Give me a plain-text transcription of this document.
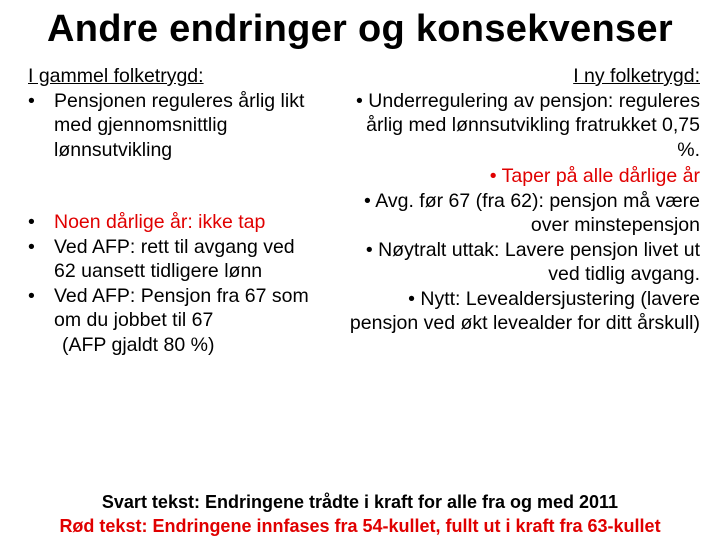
Andre endringer og konsekvenser
I gammel folketrygd:
• Pensjonen reguleres årlig likt med gjennomsnittlig lønnsutvikling
• Noen dårlige år: ikke tap
• Ved AFP: rett til avgang ved 62 uansett tidligere lønn
• Ved AFP: Pensjon fra 67 som om du jobbet til 67
(AFP gjaldt 80 %)
I ny folketrygd:
• Underregulering av pensjon: reguleres årlig med lønnsutvikling fratrukket 0,75 %.
• Taper på alle dårlige år
• Avg. før 67 (fra 62): pensjon må være over minstepensjon
• Nøytralt uttak: Lavere pensjon livet ut ved tidlig avgang.
• Nytt: Levealdersjustering (lavere pensjon ved økt levealder for ditt årskull)
Svart tekst: Endringene trådte i kraft for alle fra og med 2011
Rød tekst: Endringene innfases fra 54-kullet, fullt ut i kraft fra 63-kullet
